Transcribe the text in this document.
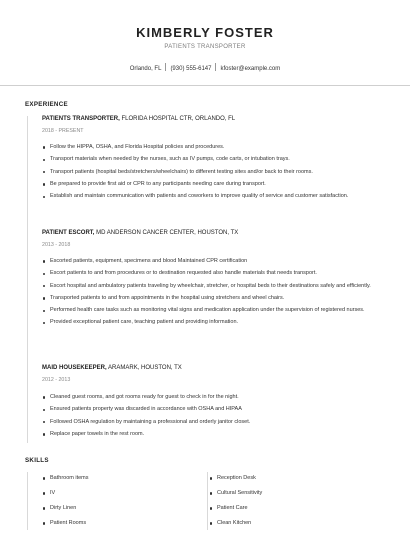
KIMBERLY FOSTER
PATIENTS TRANSPORTER
Orlando, FL (930) 555-6147 kfoster@example.com
EXPERIENCE
PATIENTS TRANSPORTER, FLORIDA HOSPITAL CTR, ORLANDO, FL
2018 - PRESENT
Follow the HIPPA, OSHA, and Florida Hospital policies and procedures.
Transport materials when needed by the nurses, such as IV pumps, code carts, or intubation trays.
Transport patients (hospital beds/stretchers/wheelchairs) to different testing sites and/or back to their rooms.
Be prepared to provide first aid or CPR to any participants needing care during transport.
Establish and maintain communication with patients and coworkers to improve quality of service and customer satisfaction.
PATIENT ESCORT, MD ANDERSON CANCER CENTER, HOUSTON, TX
2013 - 2018
Escorted patients, equipment, specimens and blood Maintained CPR certification
Escort patients to and from procedures or to destination requested also handle materials that needs transport.
Escort hospital and ambulatory patients traveling by wheelchair, stretcher, or hospital beds to their destinations safely and efficiently.
Transported patients to and from appointments in the hospital using stretchers and wheel chairs.
Performed health care tasks such as monitoring vital signs and medication application under the supervision of registered nurses.
Provided exceptional patient care, teaching patient and providing information.
MAID HOUSEKEEPER, ARAMARK, HOUSTON, TX
2012 - 2013
Cleaned guest rooms, and got rooms ready for guest to check in for the night.
Ensured patients property was discarded in accordance with OSHA and HIPAA
Followed OSHA regulation by maintaining a professional and orderly janitor closet.
Replace paper towels in the rest room.
SKILLS
Bathroom items
IV
Dirty Linen
Patient Rooms
Reception Desk
Cultural Sensitivity
Patient Care
Clean Kitchen
